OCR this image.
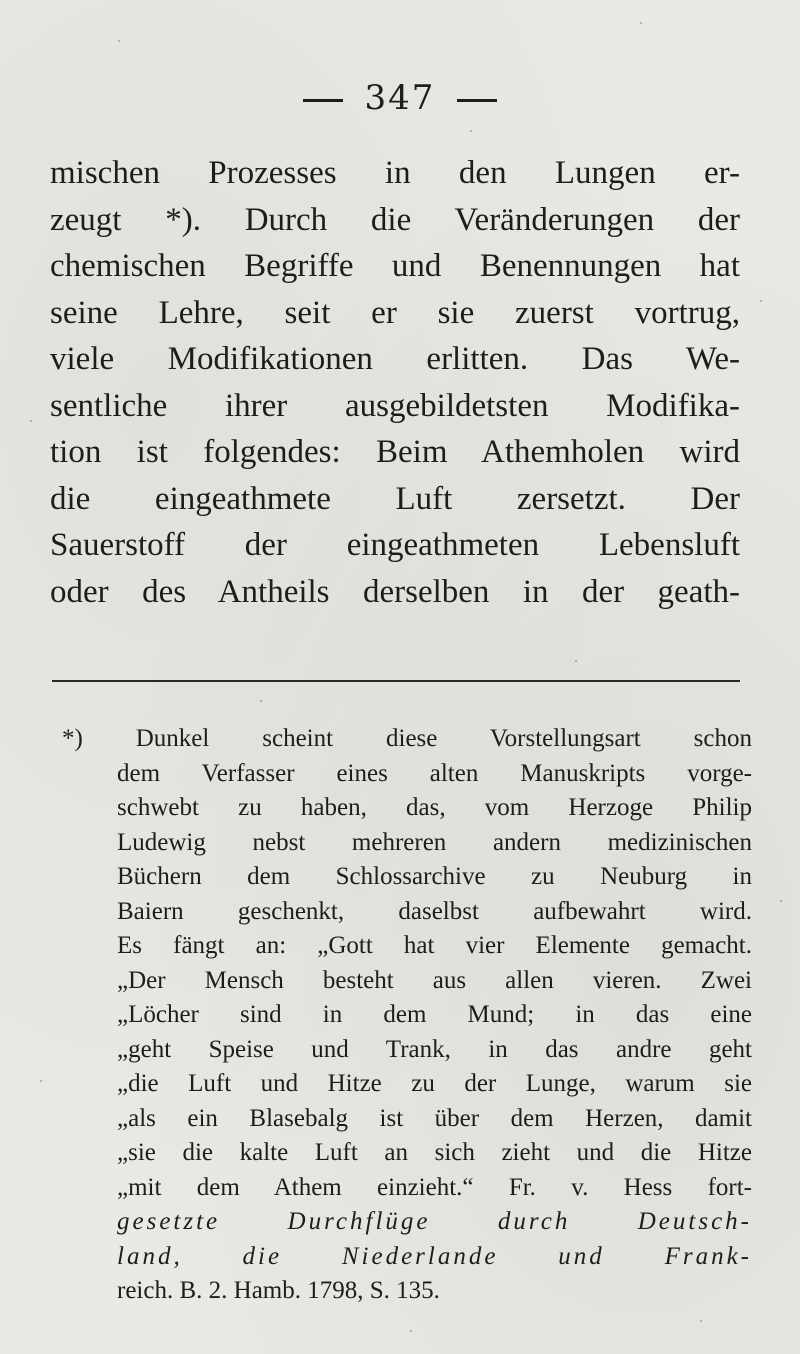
347
mischen Prozesses in den Lungen er-
zeugt *). Durch die Veränderungen der
chemischen Begriffe und Benennungen hat
seine Lehre, seit er sie zuerst vortrug,
viele Modifikationen erlitten. Das We-
sentliche ihrer ausgebildetsten Modifika-
tion ist folgendes: Beim Athemholen wird
die eingeathmete Luft zersetzt. Der
Sauerstoff der eingeathmeten Lebensluft
oder des Antheils derselben in der geath-
*) Dunkel scheint diese Vorstellungsart schon
dem Verfasser eines alten Manuskripts vorge-
schwebt zu haben, das, vom Herzoge Philip
Ludewig nebst mehreren andern medizinischen
Büchern dem Schlossarchive zu Neuburg in
Baiern geschenkt, daselbst aufbewahrt wird.
Es fängt an: „Gott hat vier Elemente gemacht.
„Der Mensch besteht aus allen vieren. Zwei
„Löcher sind in dem Mund; in das eine
„geht Speise und Trank, in das andre geht
„die Luft und Hitze zu der Lunge, warum sie
„als ein Blasebalg ist über dem Herzen, damit
„sie die kalte Luft an sich zieht und die Hitze
„mit dem Athem einzieht.“ Fr. v. Hess fort-
gesetzte Durchflüge durch Deutsch-
land, die Niederlande und Frank-
reich. B. 2. Hamb. 1798, S. 135.
